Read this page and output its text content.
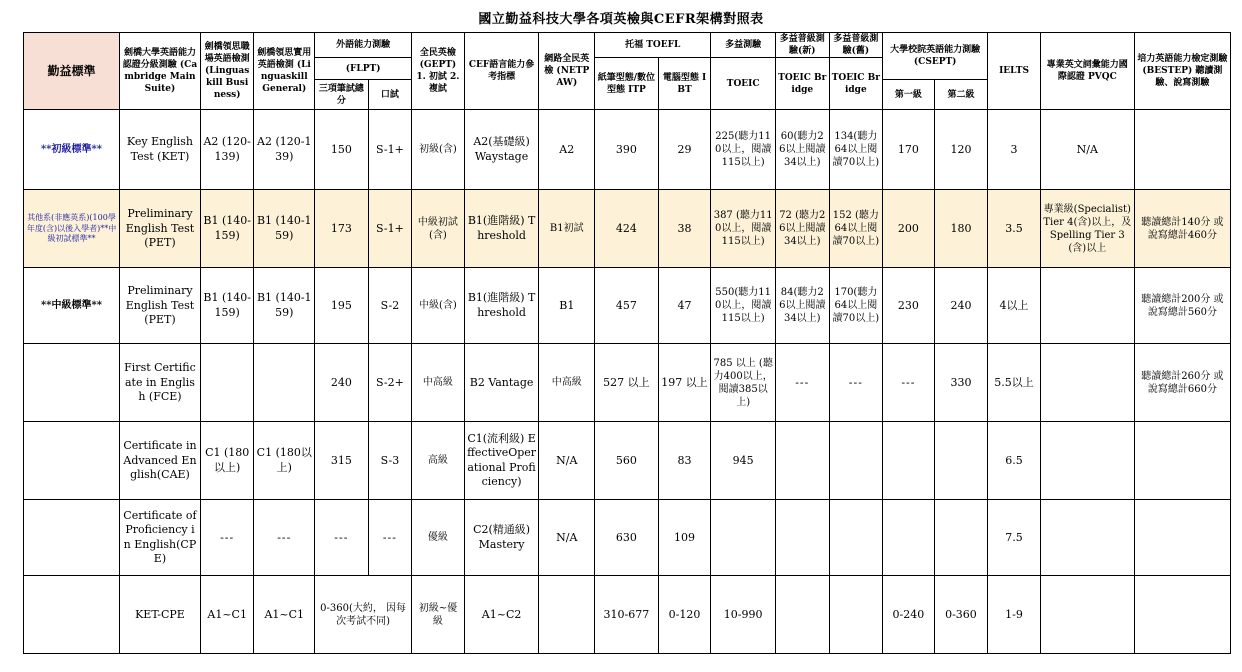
國立勤益科技大學各項英檢與CEFR架構對照表
勤益標準	劍橋大學英語能力認證分級測驗 (Cambridge Main Suite)	劍橋領思職場英語檢測 (Linguaskill Business)	劍橋領思實用英語檢測 (Linguaskill General)	外語能力測驗		全民英檢 (GEPT) 1. 初試 2. 複試	CEF語言能力參考指標	網路全民英檢 (NETPAW)	托福 TOEFL		多益測驗	多益普級測驗(新)	多益普級測驗(舊)	大學校院英語能力測驗(CSEPT)		IELTS	專業英文詞彙能力國際認證 PVQC	培力英語能力檢定測驗 (BESTEP) 聽讀測驗、說寫測驗
				(FLPT)					紙筆型態/數位型態 ITP	電腦型態 IBT	TOEIC	TOEIC Bridge	TOEIC Bridge					
				三項筆試總分	口試									第一級	第二級			
**初級標準**	Key English Test (KET)	A2 (120-139)	A2 (120-139)	150	S-1+	初級(含)	A2(基礎級) Waystage	A2	390	29	225(聽力110以上，閱讀115以上)	60(聽力26以上閱讀34以上)	134(聽力64以上閱讀70以上)	170	120	3	N/A	
其他系(非應英系)(100學年度(含)以後入學者)**中級初試標準**	Preliminary English Test (PET)	B1 (140-159)	B1 (140-159)	173	S-1+	中級初試(含)	B1(進階級) Threshold	B1初試	424	38	387 (聽力110以上，閱讀115以上)	72 (聽力26以上閱讀34以上)	152 (聽力64以上閱讀70以上)	200	180	3.5	專業級(Specialist)Tier 4(含)以上，及Spelling Tier 3(含)以上	聽讀總計140分 或 說寫總計460分
**中級標準**	Preliminary English Test (PET)	B1 (140-159)	B1 (140-159)	195	S-2	中級(含)	B1(進階級) Threshold	B1	457	47	550(聽力110以上，閱讀115以上)	84(聽力26以上閱讀34以上)	170(聽力64以上閱讀70以上)	230	240	4以上		聽讀總計200分 或 說寫總計560分
	First Certificate in English (FCE)			240	S-2+	中高級	B2 Vantage	中高級	527 以上	197 以上	785 以上 (聽力400以上，閱讀385以上)	---	---	---	330	5.5以上		聽讀總計260分 或 說寫總計660分
	Certificate in Advanced English(CAE)	C1 (180以上)	C1 (180以上)	315	S-3	高級	C1(流利級) EffectiveOperational Proficiency)	N/A	560	83	945					6.5		
	Certificate of Proficiency in English(CPE)	---	---	---	---	優級	C2(精通級) Mastery	N/A	630	109						7.5		
	KET-CPE	A1~C1	A1~C1	0-360(大約， 因每次考試不同)		初級~優級	A1~C2		310-677	0-120	10-990			0-240	0-360	1-9		
